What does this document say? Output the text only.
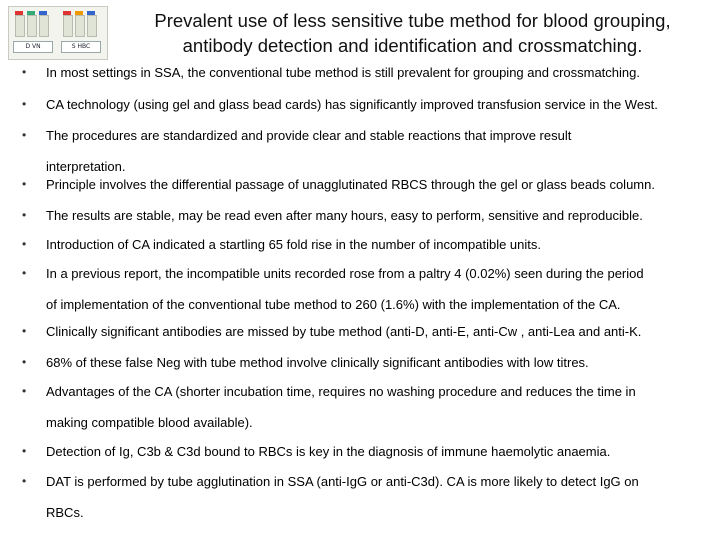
D VN	S HBC
Prevalent use of less sensitive tube method for blood grouping,
antibody detection and identification and crossmatching.
•	In most settings in SSA, the conventional tube method is still prevalent for grouping and crossmatching.
•	CA technology (using gel and glass bead cards) has significantly improved transfusion service in the West.
•	The procedures are standardized and provide clear and stable reactions that improve result
interpretation.
•	Principle involves the differential passage of unagglutinated RBCS through the gel or glass beads column.
•	The results are stable, may be read even after many hours, easy to perform, sensitive and reproducible.
•	Introduction of CA indicated a startling 65 fold rise in the number of incompatible units.
•	In a previous report, the incompatible units recorded rose from a paltry 4 (0.02%) seen during the period
of implementation of the conventional tube method to 260 (1.6%) with the implementation of the CA.
•	Clinically significant antibodies are missed by tube method (anti-D, anti-E, anti-Cw , anti-Lea and anti-K.
•	68% of these false Neg with tube method involve clinically significant antibodies with low titres.
•	Advantages of the CA (shorter incubation time, requires no washing procedure and reduces the time in
making compatible blood available).
•	Detection of Ig, C3b & C3d bound to RBCs is key in the diagnosis of immune haemolytic anaemia.
•	DAT is performed by tube agglutination in SSA (anti-IgG or anti-C3d). CA is more likely to detect IgG on
RBCs.
